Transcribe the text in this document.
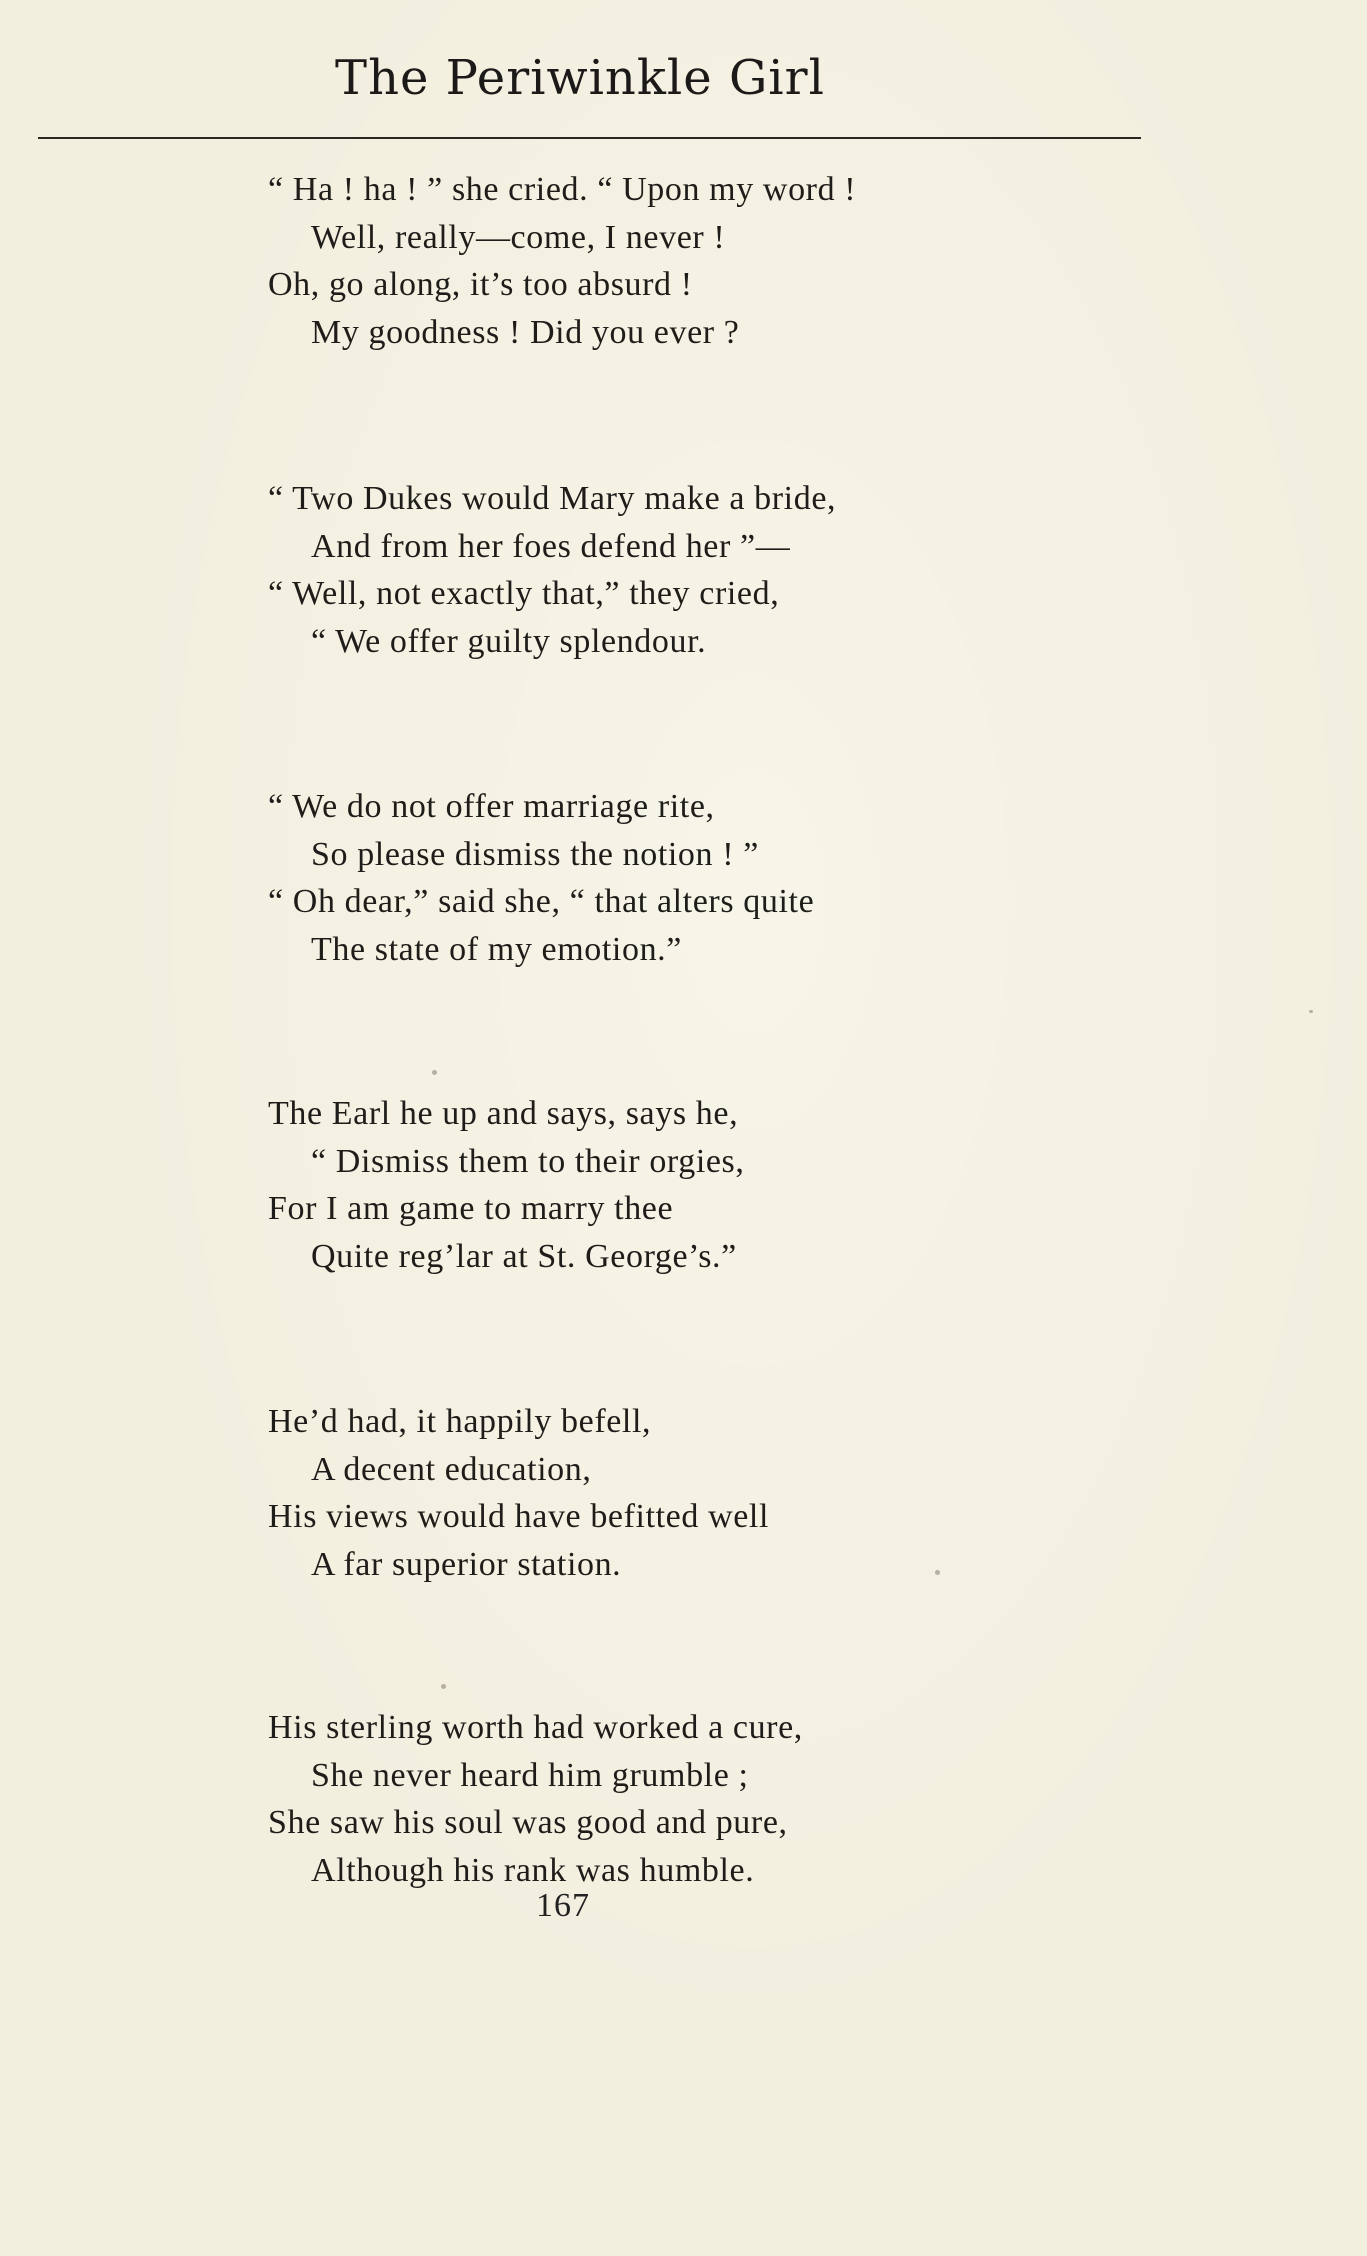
The Periwinkle Girl
“ Ha ! ha ! ” she cried. “ Upon my word !
Well, really—come, I never !
Oh, go along, it’s too absurd !
My goodness ! Did you ever ?
“ Two Dukes would Mary make a bride,
And from her foes defend her ”—
“ Well, not exactly that,” they cried,
“ We offer guilty splendour.
“ We do not offer marriage rite,
So please dismiss the notion ! ”
“ Oh dear,” said she, “ that alters quite
The state of my emotion.”
The Earl he up and says, says he,
“ Dismiss them to their orgies,
For I am game to marry thee
Quite reg’lar at St. George’s.”
He’d had, it happily befell,
A decent education,
His views would have befitted well
A far superior station.
His sterling worth had worked a cure,
She never heard him grumble ;
She saw his soul was good and pure,
Although his rank was humble.
167
